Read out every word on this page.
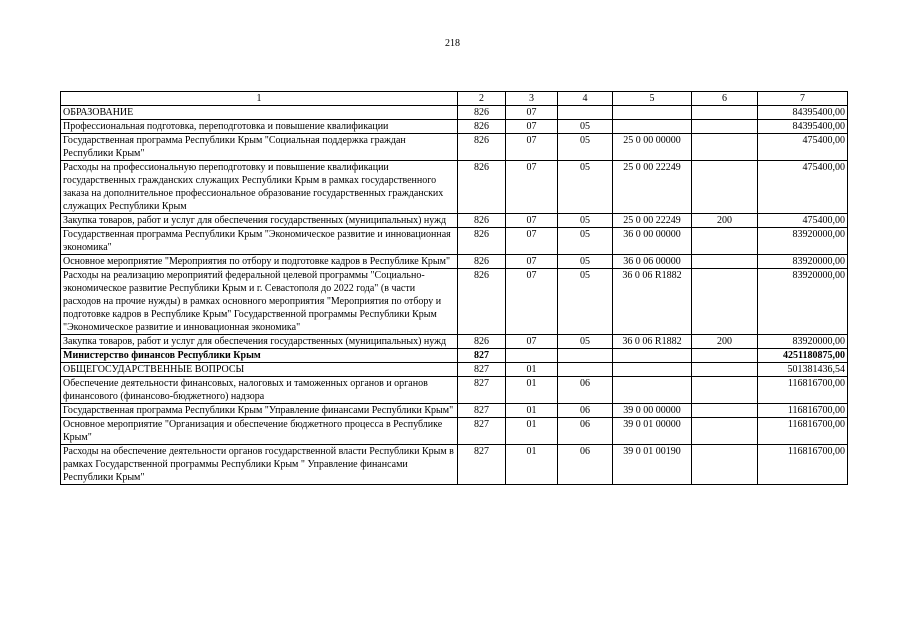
218
1	2	3	4	5	6	7
ОБРАЗОВАНИЕ	826	07				84395400,00
Профессиональная подготовка, переподготовка и повышение квалификации	826	07	05			84395400,00
Государственная программа Республики Крым "Социальная поддержка граждан Республики Крым"	826	07	05	25 0 00 00000		475400,00
Расходы на профессиональную переподготовку и повышение квалификации государственных гражданских служащих Республики Крым в рамках государственного заказа на дополнительное профессиональное образование государственных гражданских служащих Республики Крым	826	07	05	25 0 00 22249		475400,00
Закупка товаров, работ и услуг для обеспечения государственных (муниципальных) нужд	826	07	05	25 0 00 22249	200	475400,00
Государственная программа Республики Крым "Экономическое развитие и инновационная экономика"	826	07	05	36 0 00 00000		83920000,00
Основное мероприятие "Мероприятия по отбору и подготовке кадров в Республике Крым"	826	07	05	36 0 06 00000		83920000,00
Расходы на реализацию мероприятий федеральной целевой программы "Социально-экономическое развитие Республики Крым и г. Севастополя до 2022 года" (в части расходов на прочие нужды) в рамках основного мероприятия "Мероприятия по отбору и подготовке кадров в Республике Крым" Государственной программы Республики Крым "Экономическое развитие и инновационная экономика"	826	07	05	36 0 06 R1882		83920000,00
Закупка товаров, работ и услуг для обеспечения государственных (муниципальных) нужд	826	07	05	36 0 06 R1882	200	83920000,00
Министерство финансов Республики Крым	827					4251180875,00
ОБЩЕГОСУДАРСТВЕННЫЕ ВОПРОСЫ	827	01				501381436,54
Обеспечение деятельности финансовых, налоговых и таможенных органов и органов финансового (финансово-бюджетного) надзора	827	01	06			116816700,00
Государственная программа Республики Крым "Управление финансами Республики Крым"	827	01	06	39 0 00 00000		116816700,00
Основное мероприятие "Организация и обеспечение бюджетного процесса в Республике Крым"	827	01	06	39 0 01 00000		116816700,00
Расходы на обеспечение деятельности органов государственной власти Республики Крым в рамках Государственной программы Республики Крым " Управление финансами Республики Крым"	827	01	06	39 0 01 00190		116816700,00
